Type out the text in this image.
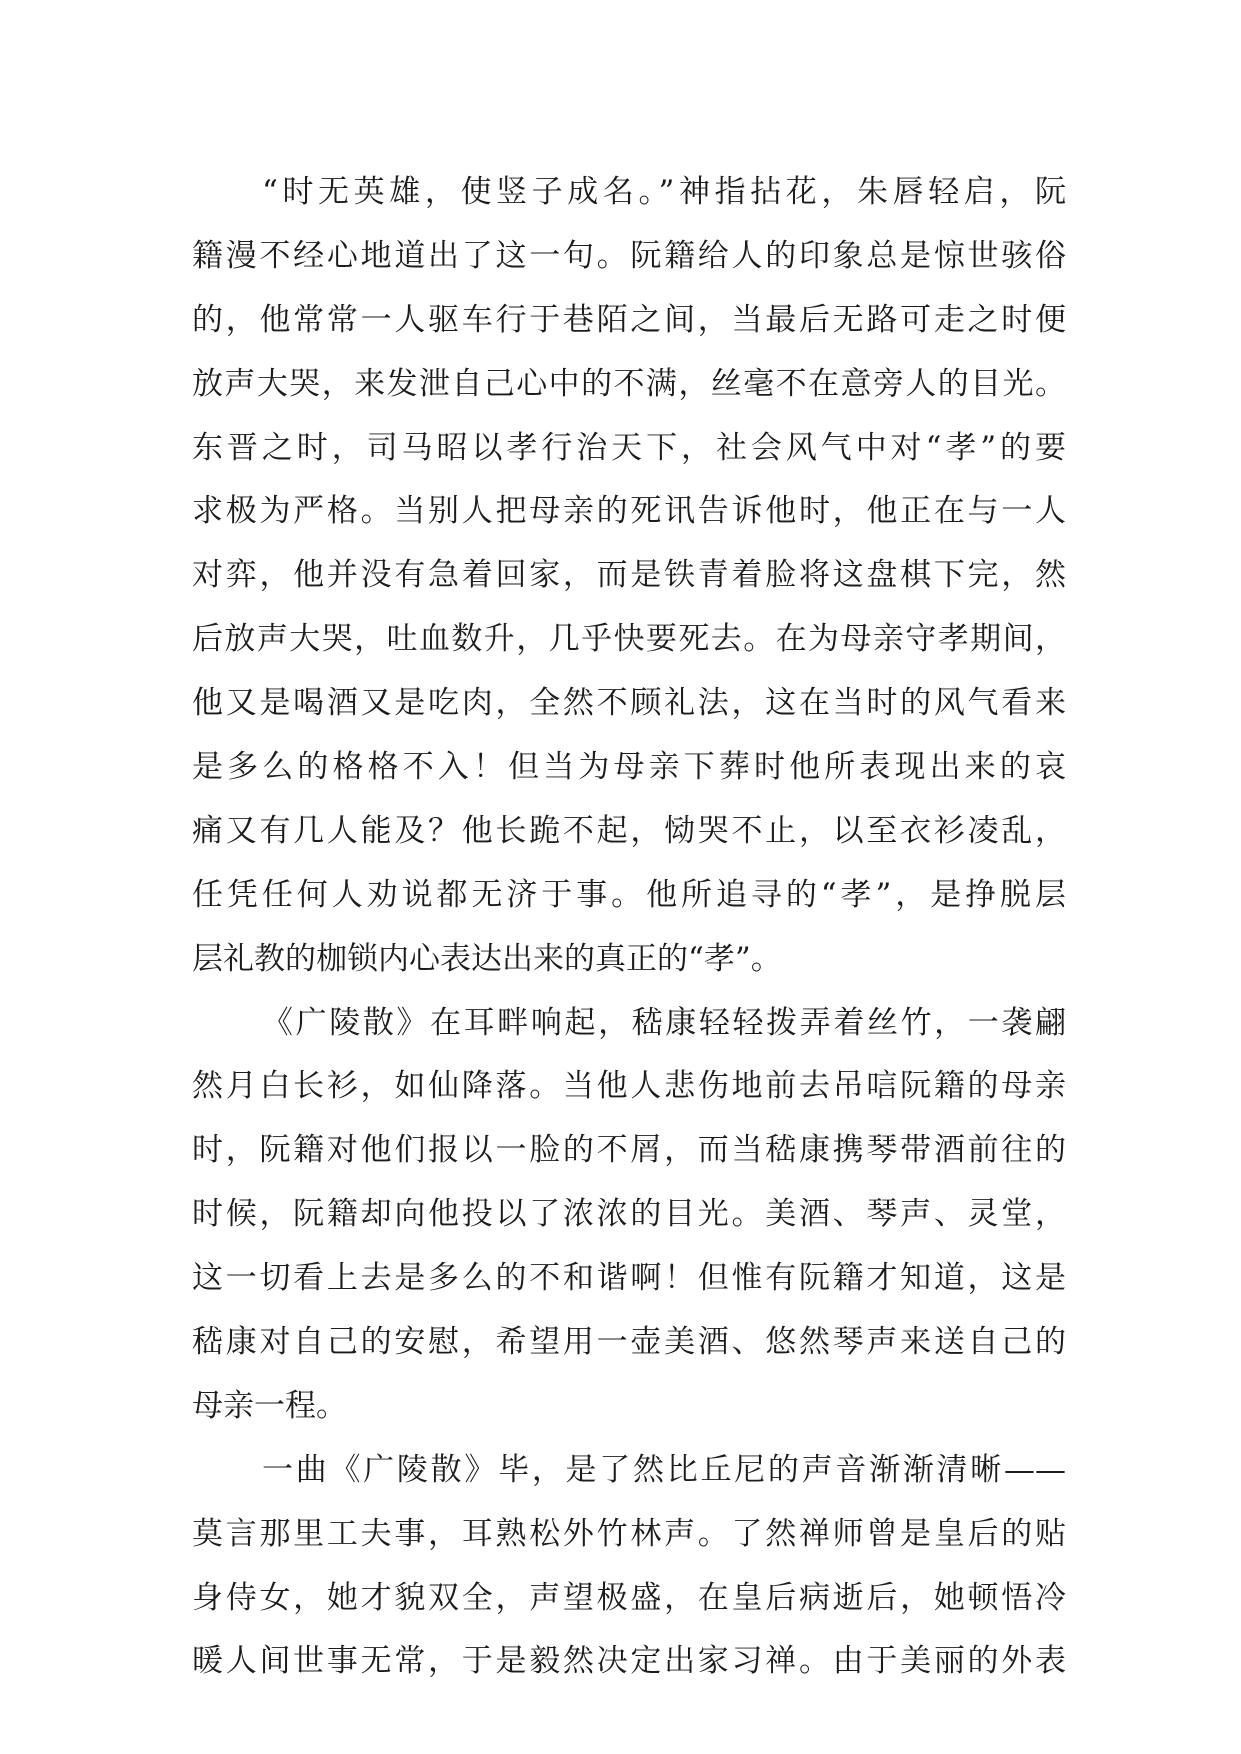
“时无英雄，使竖子成名。”神指拈花，朱唇轻启，阮
籍漫不经心地道出了这一句。阮籍给人的印象总是惊世骇俗
的，他常常一人驱车行于巷陌之间，当最后无路可走之时便
放声大哭，来发泄自己心中的不满，丝毫不在意旁人的目光。
东晋之时，司马昭以孝行治天下，社会风气中对“孝”的要
求极为严格。当别人把母亲的死讯告诉他时，他正在与一人
对弈，他并没有急着回家，而是铁青着脸将这盘棋下完，然
后放声大哭，吐血数升，几乎快要死去。在为母亲守孝期间，
他又是喝酒又是吃肉，全然不顾礼法，这在当时的风气看来
是多么的格格不入！但当为母亲下葬时他所表现出来的哀
痛又有几人能及？他长跪不起，恸哭不止，以至衣衫凌乱，
任凭任何人劝说都无济于事。他所追寻的“孝”，是挣脱层
层礼教的枷锁内心表达出来的真正的“孝”。
《广陵散》在耳畔响起，嵇康轻轻拨弄着丝竹，一袭翩
然月白长衫，如仙降落。当他人悲伤地前去吊唁阮籍的母亲
时，阮籍对他们报以一脸的不屑，而当嵇康携琴带酒前往的
时候，阮籍却向他投以了浓浓的目光。美酒、琴声、灵堂，
这一切看上去是多么的不和谐啊！但惟有阮籍才知道，这是
嵇康对自己的安慰，希望用一壶美酒、悠然琴声来送自己的
母亲一程。
一曲《广陵散》毕，是了然比丘尼的声音渐渐清晰——
莫言那里工夫事，耳熟松外竹林声。了然禅师曾是皇后的贴
身侍女，她才貌双全，声望极盛，在皇后病逝后，她顿悟冷
暖人间世事无常，于是毅然决定出家习禅。由于美丽的外表
